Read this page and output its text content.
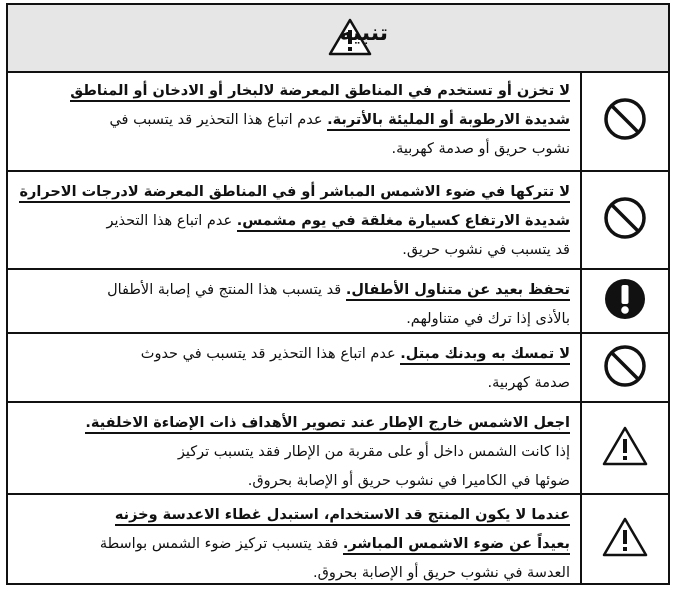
تنبيه
لا تخزن أو تستخدم في المناطق المعرضة لالبخار أو الادخان أو المناطق
شديدة الارطوبة أو المليئة بالأتربة. عدم اتباع هذا التحذير قد يتسبب في
نشوب حريق أو صدمة كهربية.
لا تتركها في ضوء الاشمس المباشر أو في المناطق المعرضة لادرجات الاحرارة
شديدة الارتفاع كسيارة مغلقة في يوم مشمس. عدم اتباع هذا التحذير
قد يتسبب في نشوب حريق.
تحفظ بعيد عن متناول الأطفال. قد يتسبب هذا المنتج في إصابة الأطفال
بالأذى إذا ترك في متناولهم.
لا تمسك به وبدنك مبتل. عدم اتباع هذا التحذير قد يتسبب في حدوث
صدمة كهربية.
اجعل الاشمس خارج الإطار عند تصوير الأهداف ذات الإضاءة الاخلفية.
إذا كانت الشمس داخل أو على مقربة من الإطار فقد يتسبب تركيز
ضوئها في الكاميرا في نشوب حريق أو الإصابة بحروق.
عندما لا يكون المنتج قد الاستخدام، استبدل غطاء الاعدسة وخزنه
بعيداً عن ضوء الاشمس المباشر. فقد يتسبب تركيز ضوء الشمس بواسطة
العدسة في نشوب حريق أو الإصابة بحروق.
